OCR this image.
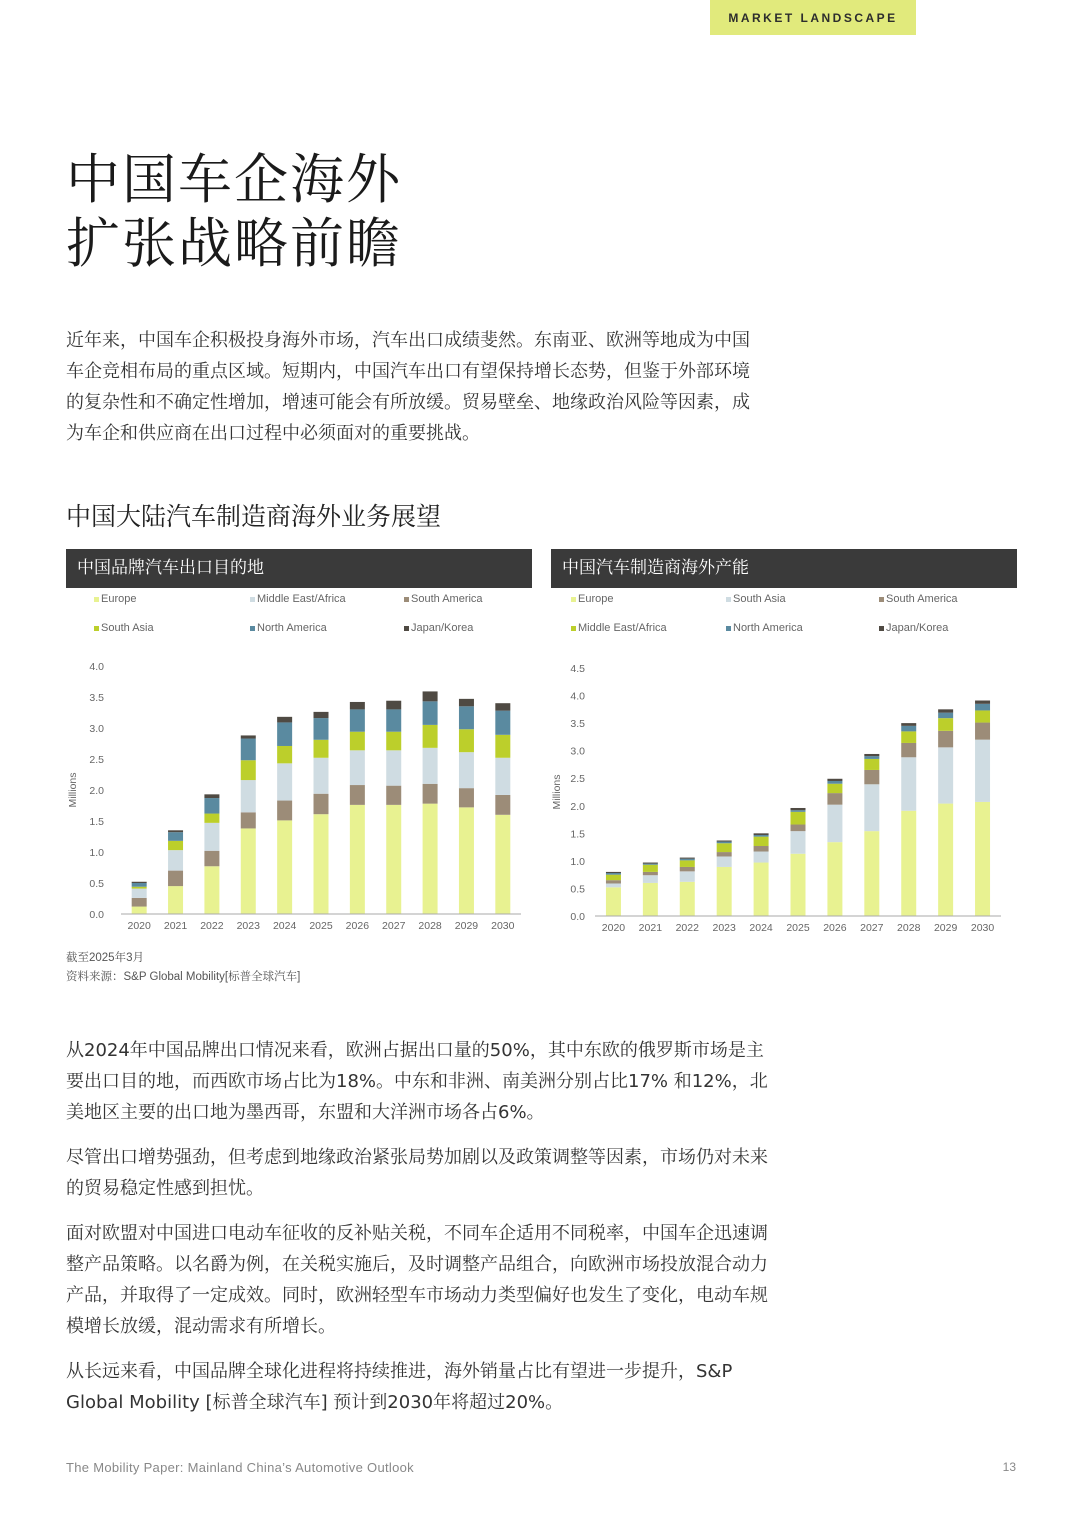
MARKET LANDSCAPE
中国车企海外
扩张战略前瞻

近年来，中国车企积极投身海外市场，汽车出口成绩斐然。东南亚、欧洲等地成为中国车企竞相布局的重点区域。短期内，中国汽车出口有望保持增长态势，但鉴于外部环境的复杂性和不确定性增加，增速可能会有所放缓。贸易壁垒、地缘政治风险等因素，成为车企和供应商在出口过程中必须面对的重要挑战。

中国大陆汽车制造商海外业务展望
中国品牌汽车出口目的地
Europe	Middle East/Africa	South America
South Asia	North America	Japan/Korea
0.0
0.5
1.0
1.5
2.0
2.5
3.0
3.5
4.0
Millions
2020 2021 2022 2023 2024 2025 2026 2027 2028 2029 2030
中国汽车制造商海外产能
Europe	South Asia	South America
Middle East/Africa	North America	Japan/Korea
0.0
0.5
1.0
1.5
2.0
2.5
3.0
3.5
4.0
4.5
Millions
2020 2021 2022 2023 2024 2025 2026 2027 2028 2029 2030
截至2025年3月
资料来源：S&P Global Mobility[标普全球汽车]

从2024年中国品牌出口情况来看，欧洲占据出口量的50%，其中东欧的俄罗斯市场是主要出口目的地，而西欧市场占比为18%。中东和非洲、南美洲分别占比17% 和12%，北美地区主要的出口地为墨西哥，东盟和大洋洲市场各占6%。

尽管出口增势强劲，但考虑到地缘政治紧张局势加剧以及政策调整等因素，市场仍对未来的贸易稳定性感到担忧。

面对欧盟对中国进口电动车征收的反补贴关税，不同车企适用不同税率，中国车企迅速调整产品策略。以名爵为例，在关税实施后，及时调整产品组合，向欧洲市场投放混合动力产品，并取得了一定成效。同时，欧洲轻型车市场动力类型偏好也发生了变化，电动车规模增长放缓，混动需求有所增长。

从长远来看，中国品牌全球化进程将持续推进，海外销量占比有望进一步提升，S&P Global Mobility [标普全球汽车] 预计到2030年将超过20%。

The Mobility Paper: Mainland China’s Automotive Outlook	13
